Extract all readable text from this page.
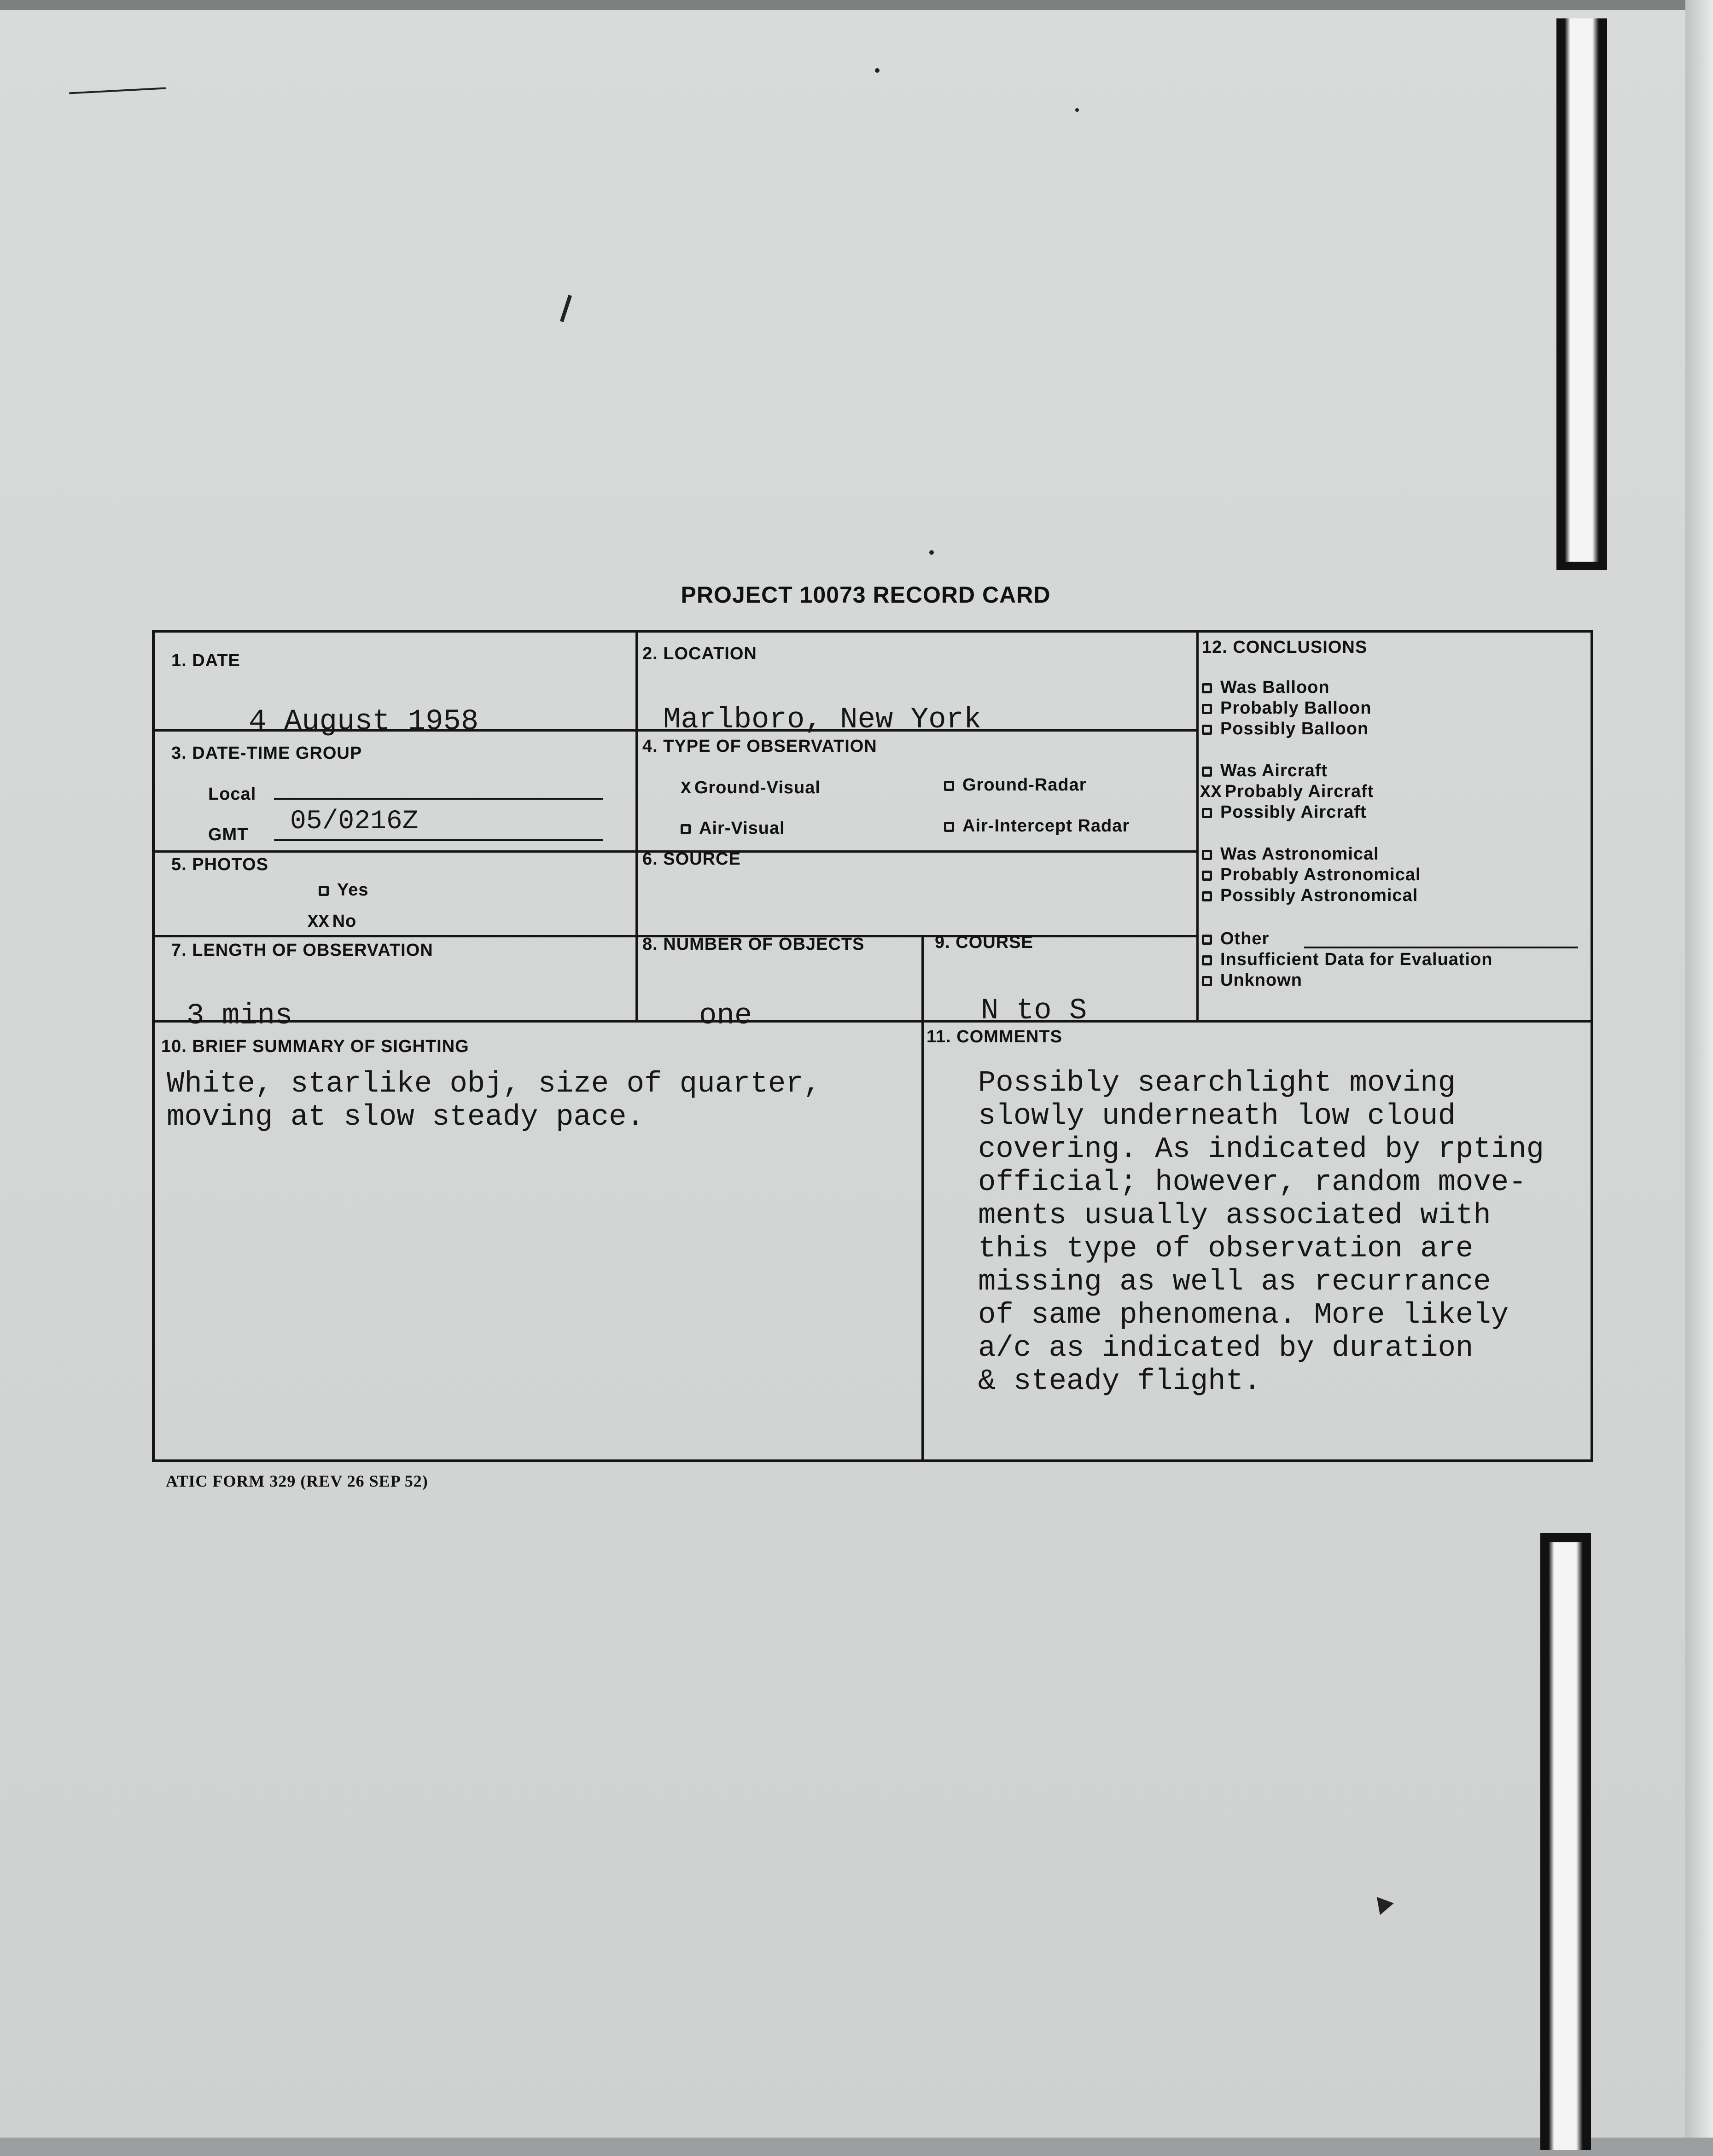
PROJECT 10073 RECORD CARD
1. DATE
4 August 1958
2. LOCATION
Marlboro, New York
3. DATE-TIME GROUP
Local
GMT 05/0216Z
4. TYPE OF OBSERVATION
X Ground-Visual	Ground-Radar
Air-Visual	Air-Intercept Radar
5. PHOTOS
Yes
XX No
6. SOURCE
7. LENGTH OF OBSERVATION
3 mins
8. NUMBER OF OBJECTS
one
9. COURSE
N to S
10. BRIEF SUMMARY OF SIGHTING
White, starlike obj, size of quarter,
moving at slow steady pace.
11. COMMENTS
Possibly searchlight moving
slowly underneath low cloud
covering. As indicated by rpting
official; however, random move-
ments usually associated with
this type of observation are
missing as well as recurrance
of same phenomena. More likely
a/c as indicated by duration
& steady flight.
12. CONCLUSIONS
Was Balloon
Probably Balloon
Possibly Balloon
Was Aircraft
XX Probably Aircraft
Possibly Aircraft
Was Astronomical
Probably Astronomical
Possibly Astronomical
Other
Insufficient Data for Evaluation
Unknown
ATIC FORM 329 (REV 26 SEP 52)
